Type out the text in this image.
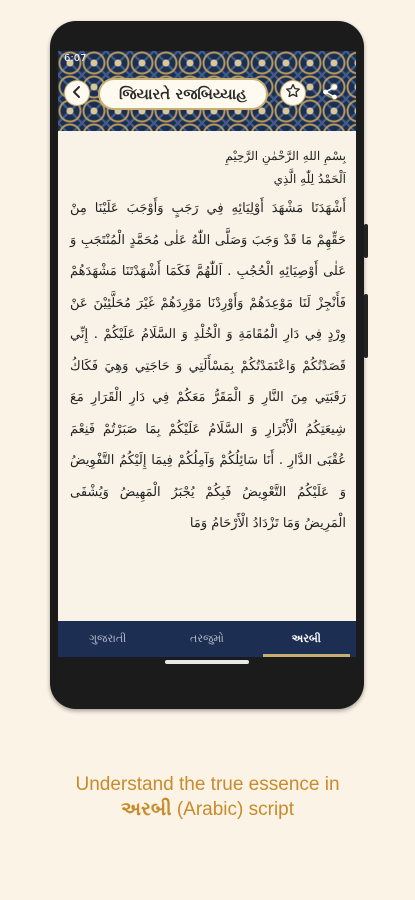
6:07
જિયારતે રજબિય્યાહ

بِسْمِ اللهِ الرَّحْمٰنِ الرَّحِيْمِ

اَلْحَمْدُ لِلّٰهِ الَّذِي

أَشْهَدَنَا مَشْهَدَ أَوْلِيَائِهِ فِي رَجَبٍ وَأَوْجَبَ عَلَيْنَا مِنْ حَقِّهِمْ مَا قَدْ وَجَبَ وَصَلَّى اللّٰهُ عَلٰى مُحَمَّدٍ الْمُنْتَجَبِ وَ عَلٰى أَوْصِيَائِهِ الْحُجُبِ . اَللّٰهُمَّ فَكَمَا أَشْهَدْتَنَا مَشْهَدَهُمْ فَأَنْجِزْ لَنَا مَوْعِدَهُمْ وَأَوْرِدْنَا مَوْرِدَهُمْ غَيْرَ مُحَلَّئِيْنَ عَنْ وِرْدٍ فِي دَارِ الْمُقَامَةِ وَ الْخُلْدِ وَ السَّلَامُ عَلَيْكُمْ . إِنِّي قَصَدْتُكُمْ وَاعْتَمَدْتُكُمْ بِمَسْأَلَتِي وَ حَاجَتِي وَهِيَ فَكَاكُ رَقَبَتِي مِنَ النَّارِ وَ الْمَقَرُّ مَعَكُمْ فِي دَارِ الْقَرَارِ مَعَ شِيعَتِكُمُ الْأَبْرَارِ وَ السَّلَامُ عَلَيْكُمْ بِمَا صَبَرْتُمْ فَنِعْمَ عُقْبَى الدَّارِ . أَنَا سَائِلُكُمْ وَآمِلُكُمْ فِيمَا إِلَيْكُمُ التَّفْوِيضُ وَ عَلَيْكُمُ التَّعْوِيضُ فَبِكُمْ يُجْبَرُ الْمَهِيضُ وَيُشْفَى الْمَرِيضُ وَمَا تَزْدَادُ الْأَرْحَامُ وَمَا

ગુજરાતી	તરજુમો	અરબી
Understand the true essence in
અરબી (Arabic) script
